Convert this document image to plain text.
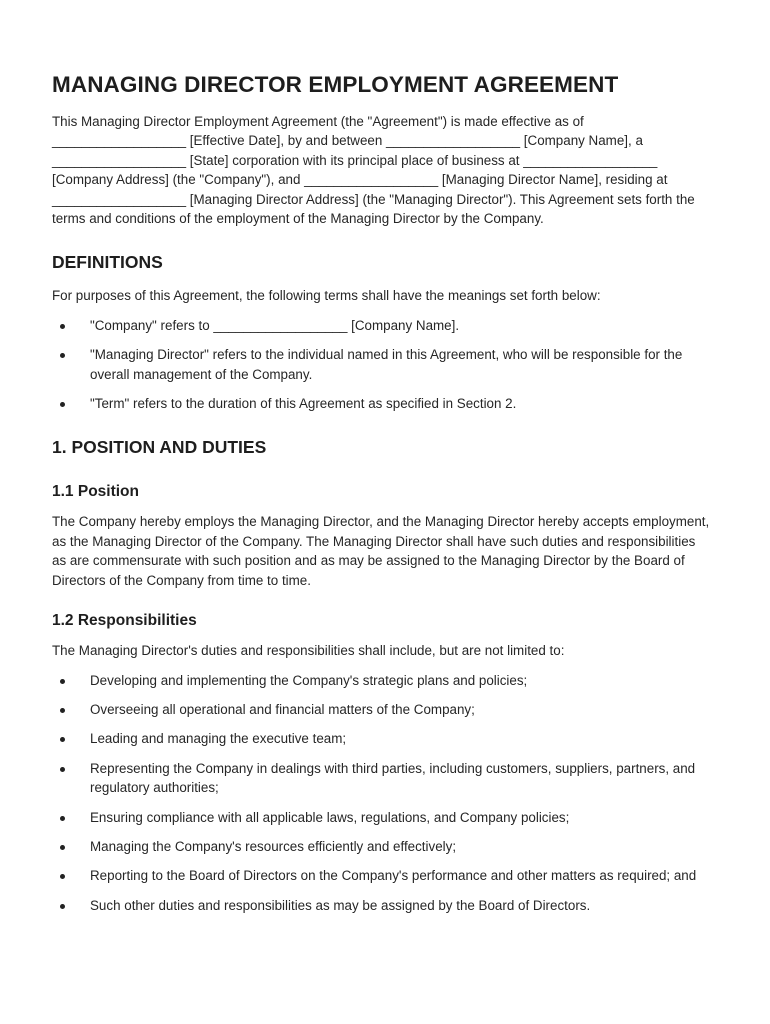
MANAGING DIRECTOR EMPLOYMENT AGREEMENT

This Managing Director Employment Agreement (the "Agreement") is made effective as of __________________ [Effective Date], by and between __________________ [Company Name], a __________________ [State] corporation with its principal place of business at __________________ [Company Address] (the "Company"), and __________________ [Managing Director Name], residing at __________________ [Managing Director Address] (the "Managing Director"). This Agreement sets forth the terms and conditions of the employment of the Managing Director by the Company.

DEFINITIONS

For purposes of this Agreement, the following terms shall have the meanings set forth below:

"Company" refers to __________________ [Company Name].
"Managing Director" refers to the individual named in this Agreement, who will be responsible for the overall management of the Company.
"Term" refers to the duration of this Agreement as specified in Section 2.
1. POSITION AND DUTIES
1.1 Position

The Company hereby employs the Managing Director, and the Managing Director hereby accepts employment, as the Managing Director of the Company. The Managing Director shall have such duties and responsibilities as are commensurate with such position and as may be assigned to the Managing Director by the Board of Directors of the Company from time to time.

1.2 Responsibilities

The Managing Director's duties and responsibilities shall include, but are not limited to:

Developing and implementing the Company's strategic plans and policies;
Overseeing all operational and financial matters of the Company;
Leading and managing the executive team;
Representing the Company in dealings with third parties, including customers, suppliers, partners, and regulatory authorities;
Ensuring compliance with all applicable laws, regulations, and Company policies;
Managing the Company's resources efficiently and effectively;
Reporting to the Board of Directors on the Company's performance and other matters as required; and
Such other duties and responsibilities as may be assigned by the Board of Directors.
